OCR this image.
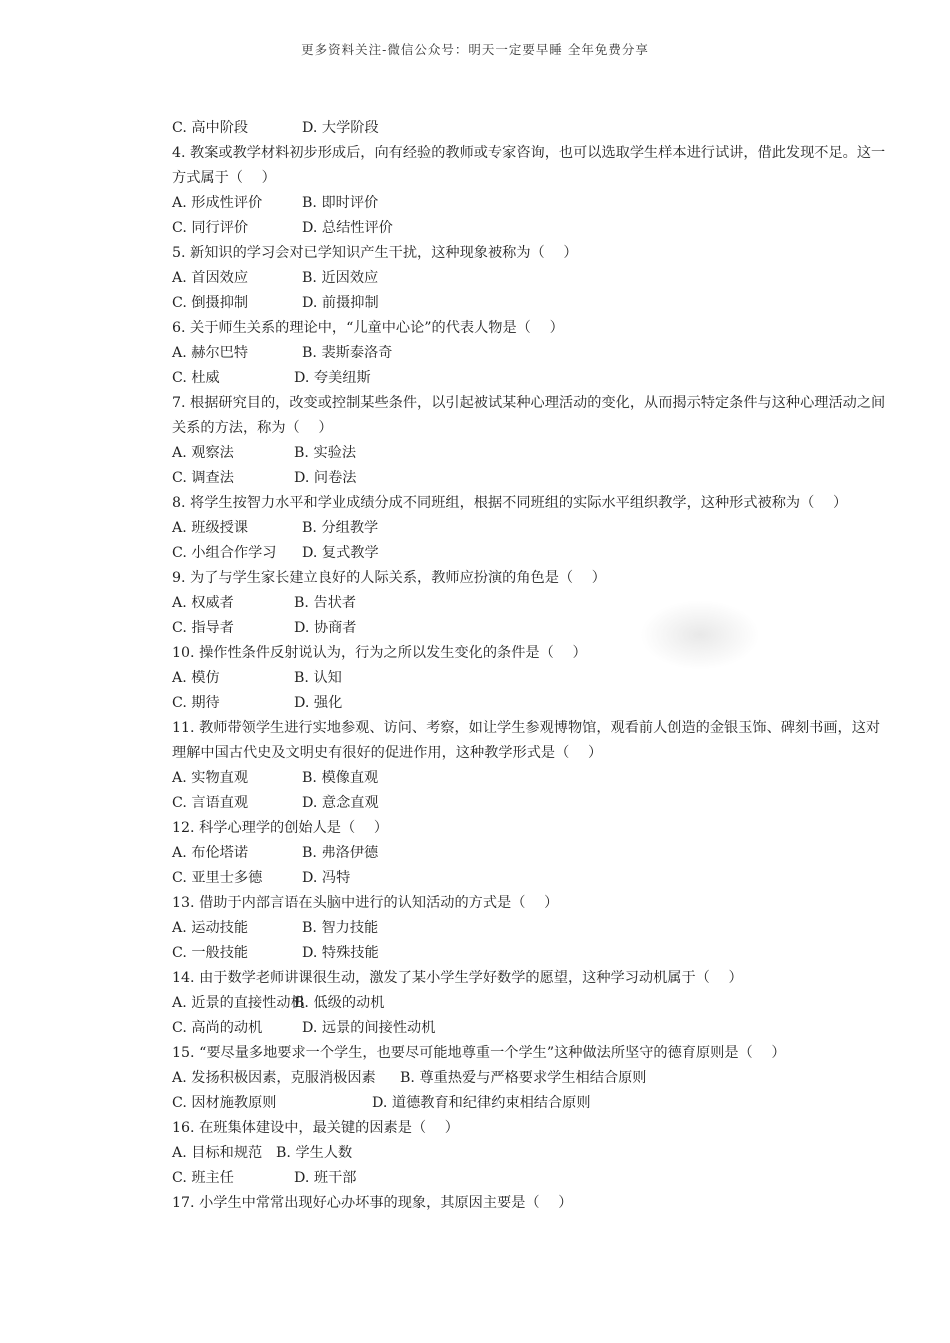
更多资料关注-微信公众号：明天一定要早睡 全年免费分享
C. 高中阶段	D. 大学阶段
4. 教案或教学材料初步形成后，向有经验的教师或专家咨询，也可以选取学生样本进行试讲，借此发现不足。这一方式属于（　 ）
A. 形成性评价	B. 即时评价
C. 同行评价	D. 总结性评价
5. 新知识的学习会对已学知识产生干扰，这种现象被称为（　 ）
A. 首因效应	B. 近因效应
C. 倒摄抑制	D. 前摄抑制
6. 关于师生关系的理论中，“儿童中心论”的代表人物是（　 ）
A. 赫尔巴特	B. 裴斯泰洛奇
C. 杜威	D. 夸美纽斯
7. 根据研究目的，改变或控制某些条件，以引起被试某种心理活动的变化，从而揭示特定条件与这种心理活动之间关系的方法，称为（　 ）
A. 观察法	B. 实验法
C. 调查法	D. 问卷法
8. 将学生按智力水平和学业成绩分成不同班组，根据不同班组的实际水平组织教学，这种形式被称为（　 ）
A. 班级授课	B. 分组教学
C. 小组合作学习 D. 复式教学
9. 为了与学生家长建立良好的人际关系，教师应扮演的角色是（　 ）
A. 权威者	B. 告状者
C. 指导者	D. 协商者
10. 操作性条件反射说认为，行为之所以发生变化的条件是（　 ）
A. 模仿	B. 认知
C. 期待	D. 强化
11. 教师带领学生进行实地参观、访问、考察，如让学生参观博物馆，观看前人创造的金银玉饰、碑刻书画，这对理解中国古代史及文明史有很好的促进作用，这种教学形式是（　 ）
A. 实物直观	B. 模像直观
C. 言语直观	D. 意念直观
12. 科学心理学的创始人是（　 ）
A. 布伦塔诺	B. 弗洛伊德
C. 亚里士多德	D. 冯特
13. 借助于内部言语在头脑中进行的认知活动的方式是（　 ）
A. 运动技能	B. 智力技能
C. 一般技能	D. 特殊技能
14. 由于数学老师讲课很生动，激发了某小学生学好数学的愿望，这种学习动机属于（　 ）
A. 近景的直接性动机B. 低级的动机
C. 高尚的动机	D. 远景的间接性动机
15. “要尽量多地要求一个学生，也要尽可能地尊重一个学生”这种做法所坚守的德育原则是（　 ）
A. 发扬积极因素，克服消极因素 B. 尊重热爱与严格要求学生相结合原则
C. 因材施教原则	D. 道德教育和纪律约束相结合原则
16. 在班集体建设中，最关键的因素是（　 ）
A. 目标和规范 B. 学生人数
C. 班主任	D. 班干部
17. 小学生中常常出现好心办坏事的现象，其原因主要是（　 ）
